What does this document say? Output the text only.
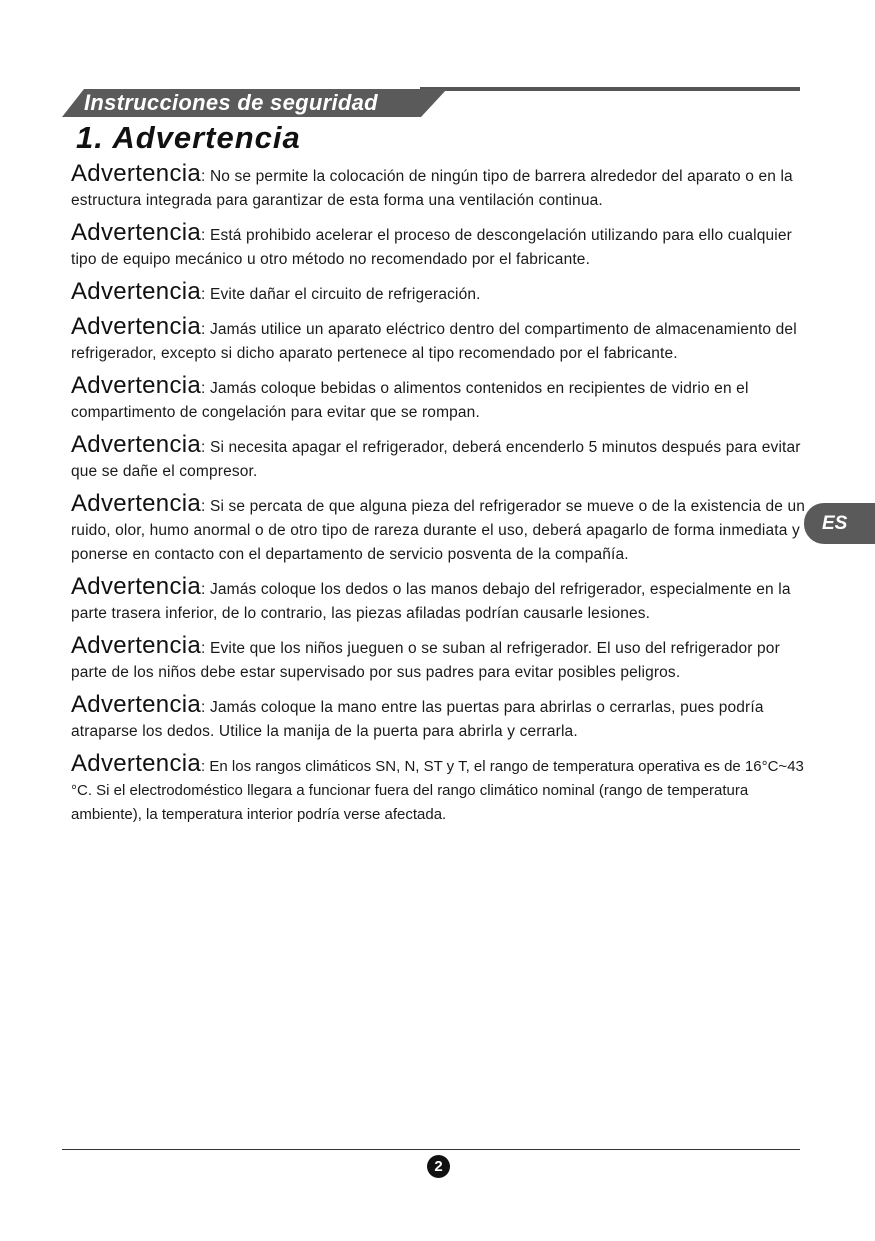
Instrucciones de seguridad
1. Advertencia

Advertencia: No se permite la colocación de ningún tipo de barrera alrededor del aparato o en la estructura integrada para garantizar de esta forma una ventilación continua.

Advertencia: Está prohibido acelerar el proceso de descongelación utilizando para ello cualquier tipo de equipo mecánico u otro método no recomendado por el fabricante.

Advertencia: Evite dañar el circuito de refrigeración.

Advertencia: Jamás utilice un aparato eléctrico dentro del compartimento de almacenamiento del refrigerador, excepto si dicho aparato pertenece al tipo recomendado por el fabricante.

Advertencia: Jamás coloque bebidas o alimentos contenidos en recipientes de vidrio en el compartimento de congelación para evitar que se rompan.

Advertencia: Si necesita apagar el refrigerador, deberá encenderlo 5 minutos después para evitar que se dañe el compresor.

Advertencia: Si se percata de que alguna pieza del refrigerador se mueve o de la existencia de un ruido, olor, humo anormal o de otro tipo de rareza durante el uso, deberá apagarlo de forma inmediata y ponerse en contacto con el departamento de servicio posventa de la compañía.

Advertencia: Jamás coloque los dedos o las manos debajo del refrigerador, especialmente en la parte trasera inferior, de lo contrario, las piezas afiladas podrían causarle lesiones.

Advertencia: Evite que los niños jueguen o se suban al refrigerador. El uso del refrigerador por parte de los niños debe estar supervisado por sus padres para evitar posibles peligros.

Advertencia: Jamás coloque la mano entre las puertas para abrirlas o cerrarlas, pues podría atraparse los dedos. Utilice la manija de la puerta para abrirla y cerrarla.

Advertencia: En los rangos climáticos SN, N, ST y T, el rango de temperatura operativa es de 16°C~43 °C. Si el electrodoméstico llegara a funcionar fuera del rango climático nominal (rango de temperatura ambiente), la temperatura interior podría verse afectada.

ES
2
